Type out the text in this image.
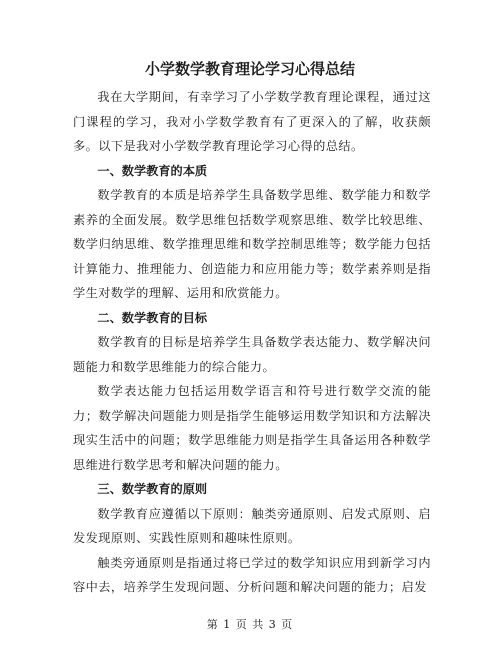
小学数学教育理论学习心得总结

我在大学期间，有幸学习了小学数学教育理论课程，通过这门课程的学习，我对小学数学教育有了更深入的了解，收获颇多。以下是我对小学数学教育理论学习心得的总结。

一、数学教育的本质

数学教育的本质是培养学生具备数学思维、数学能力和数学素养的全面发展。数学思维包括数学观察思维、数学比较思维、数学归纳思维、数学推理思维和数学控制思维等；数学能力包括计算能力、推理能力、创造能力和应用能力等；数学素养则是指学生对数学的理解、运用和欣赏能力。

二、数学教育的目标

数学教育的目标是培养学生具备数学表达能力、数学解决问题能力和数学思维能力的综合能力。

数学表达能力包括运用数学语言和符号进行数学交流的能力；数学解决问题能力则是指学生能够运用数学知识和方法解决现实生活中的问题；数学思维能力则是指学生具备运用各种数学思维进行数学思考和解决问题的能力。

三、数学教育的原则

数学教育应遵循以下原则：触类旁通原则、启发式原则、启发发现原则、实践性原则和趣味性原则。

触类旁通原则是指通过将已学过的数学知识应用到新学习内容中去，培养学生发现问题、分析问题和解决问题的能力；启发

第 1 页 共 3 页
